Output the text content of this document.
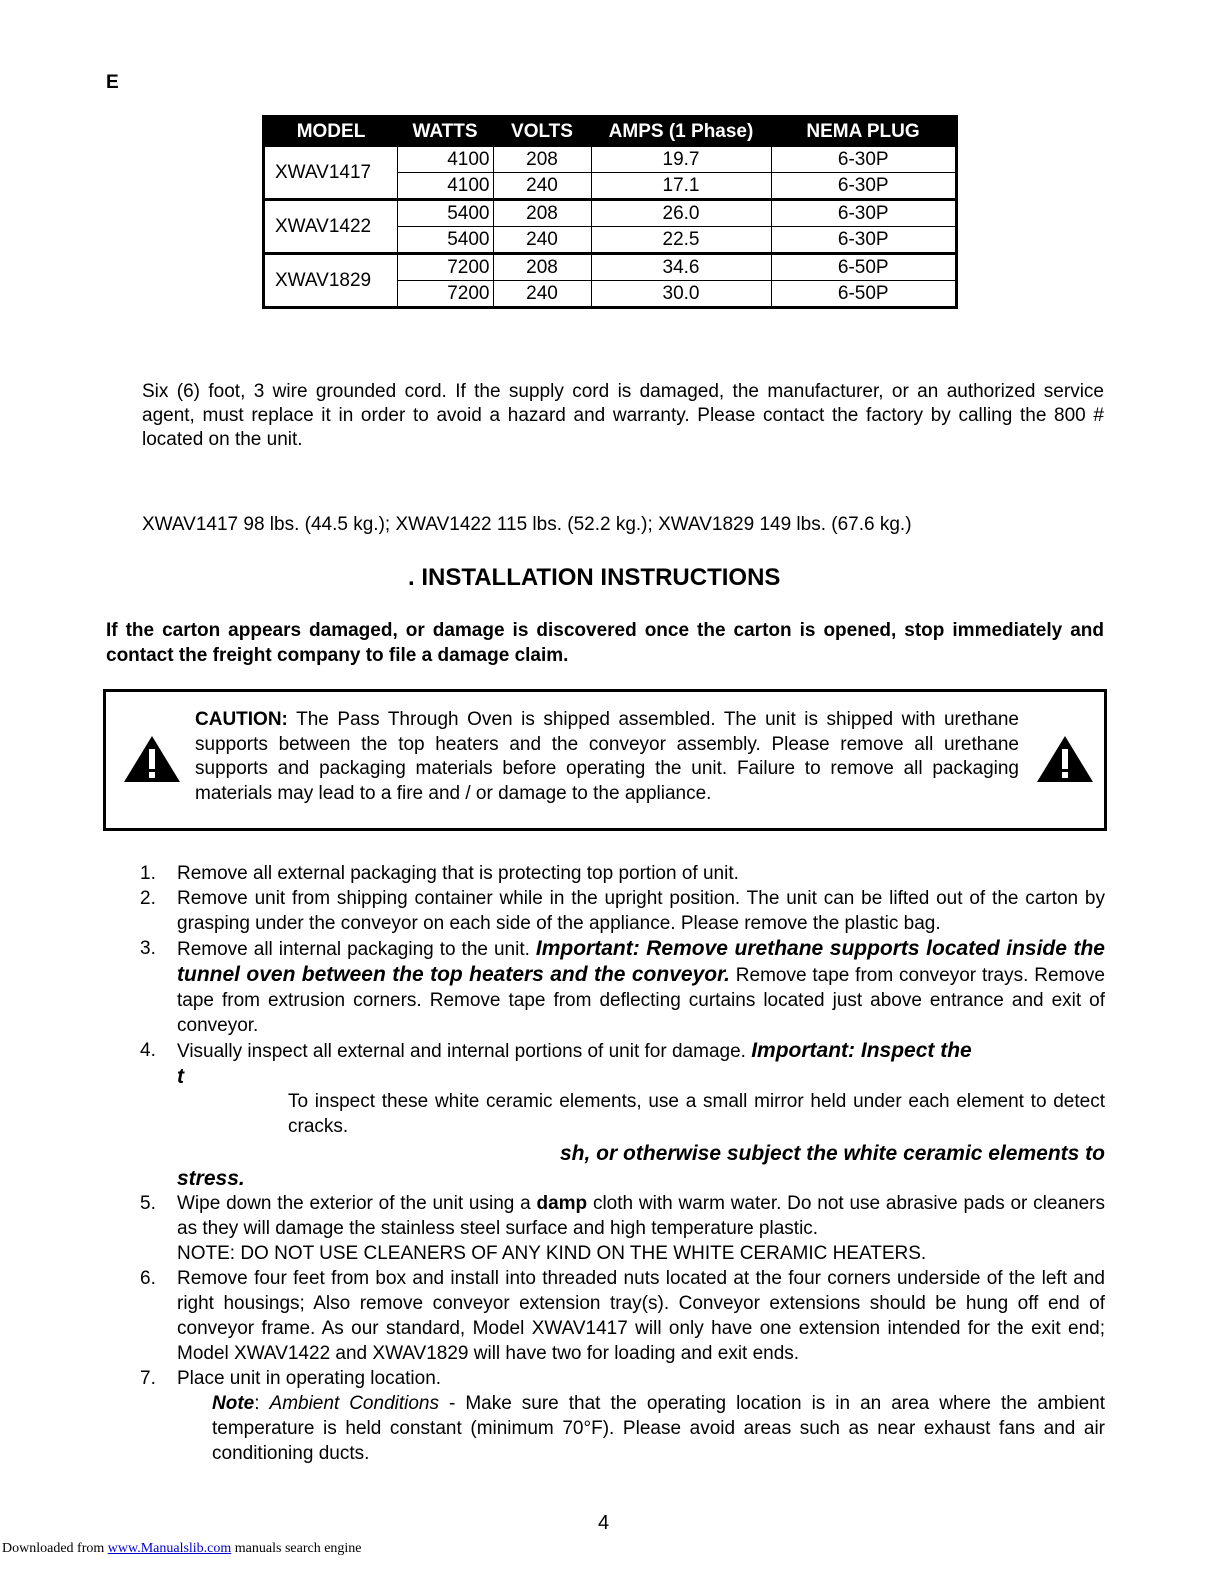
E
MODEL	WATTS	VOLTS	AMPS (1 Phase)	NEMA PLUG
XWAV1417	4100	208	19.7	6-30P
	4100	240	17.1	6-30P
XWAV1422	5400	208	26.0	6-30P
	5400	240	22.5	6-30P
XWAV1829	7200	208	34.6	6-50P
	7200	240	30.0	6-50P
Six (6) foot, 3 wire grounded cord. If the supply cord is damaged, the manufacturer, or an authorized service agent, must replace it in order to avoid a hazard and warranty. Please contact the factory by calling the 800 # located on the unit.
XWAV1417 98 lbs. (44.5 kg.); XWAV1422 115 lbs. (52.2 kg.); XWAV1829 149 lbs. (67.6 kg.)
. INSTALLATION INSTRUCTIONS
If the carton appears damaged, or damage is discovered once the carton is opened, stop immediately and contact the freight company to file a damage claim.
CAUTION: The Pass Through Oven is shipped assembled. The unit is shipped with urethane supports between the top heaters and the conveyor assembly. Please remove all urethane supports and packaging materials before operating the unit. Failure to remove all packaging materials may lead to a fire and / or damage to the appliance.
1. Remove all external packaging that is protecting top portion of unit.
2. Remove unit from shipping container while in the upright position. The unit can be lifted out of the carton by grasping under the conveyor on each side of the appliance. Please remove the plastic bag.
3. Remove all internal packaging to the unit. Important: Remove urethane supports located inside the tunnel oven between the top heaters and the conveyor. Remove tape from conveyor trays. Remove tape from extrusion corners. Remove tape from deflecting curtains located just above entrance and exit of conveyor.
4. Visually inspect all external and internal portions of unit for damage. Important: Inspect the
t
To inspect these white ceramic elements, use a small mirror held under each element to detect cracks.
sh, or otherwise subject the white ceramic elements to
stress.
5. Wipe down the exterior of the unit using a damp cloth with warm water. Do not use abrasive pads or cleaners as they will damage the stainless steel surface and high temperature plastic.
NOTE: DO NOT USE CLEANERS OF ANY KIND ON THE WHITE CERAMIC HEATERS.
6. Remove four feet from box and install into threaded nuts located at the four corners underside of the left and right housings; Also remove conveyor extension tray(s). Conveyor extensions should be hung off end of conveyor frame. As our standard, Model XWAV1417 will only have one extension intended for the exit end; Model XWAV1422 and XWAV1829 will have two for loading and exit ends.
7. Place unit in operating location.
Note: Ambient Conditions - Make sure that the operating location is in an area where the ambient temperature is held constant (minimum 70°F). Please avoid areas such as near exhaust fans and air conditioning ducts.
4
Downloaded from www.Manualslib.com manuals search engine
